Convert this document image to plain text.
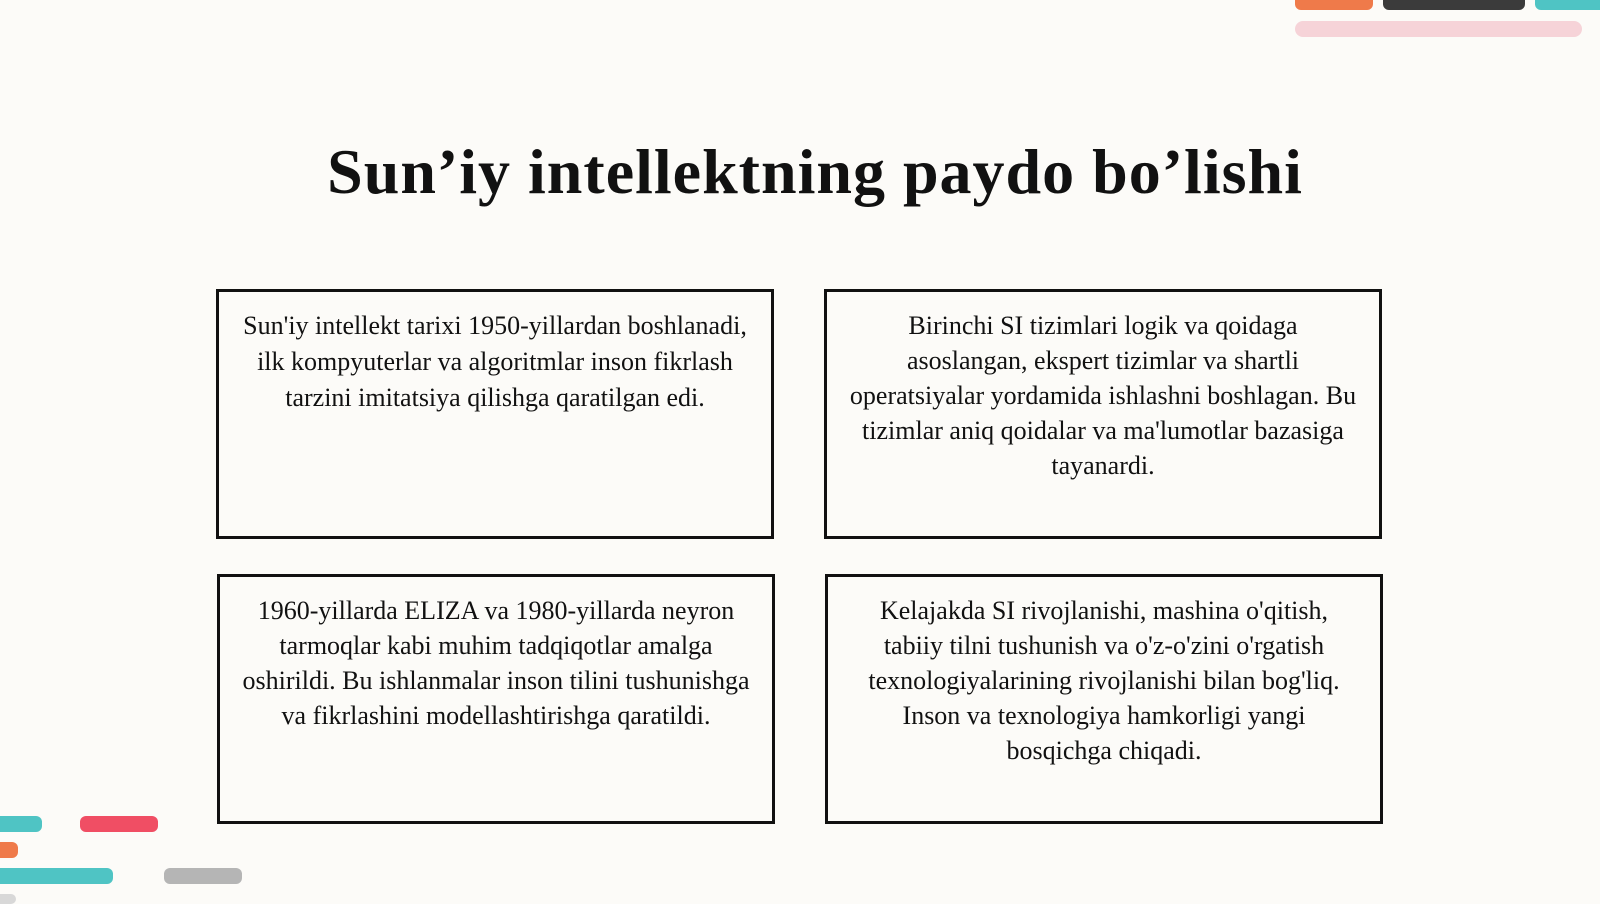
Sun’iy intellektning paydo bo’lishi

Sun'iy intellekt tarixi 1950-yillardan boshlanadi, ilk kompyuterlar va algoritmlar inson fikrlash tarzini imitatsiya qilishga qaratilgan edi.

Birinchi SI tizimlari logik va qoidaga asoslangan, ekspert tizimlar va shartli operatsiyalar yordamida ishlashni boshlagan. Bu tizimlar aniq qoidalar va ma'lumotlar bazasiga tayanardi.

1960-yillarda ELIZA va 1980-yillarda neyron tarmoqlar kabi muhim tadqiqotlar amalga oshirildi. Bu ishlanmalar inson tilini tushunishga va fikrlashini modellashtirishga qaratildi.

Kelajakda SI rivojlanishi, mashina o'qitish, tabiiy tilni tushunish va o'z-o'zini o'rgatish texnologiyalarining rivojlanishi bilan bog'liq. Inson va texnologiya hamkorligi yangi bosqichga chiqadi.
